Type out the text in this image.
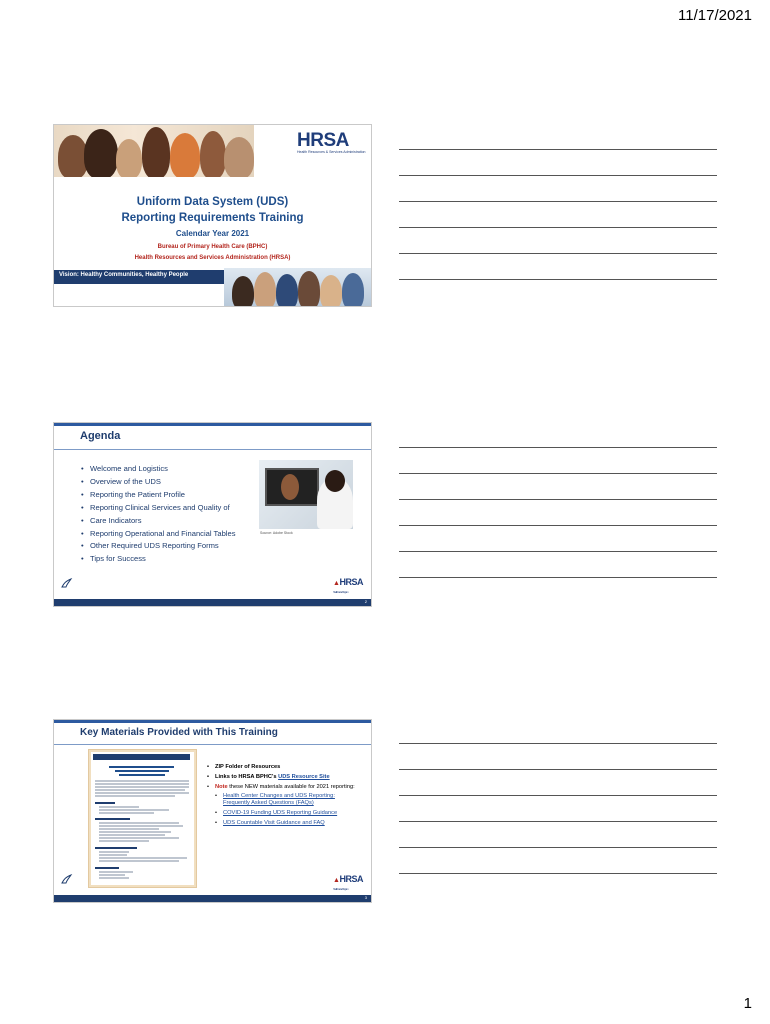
11/17/2021
HRSA
Health Resources & Services Administration
Uniform Data System (UDS)
Reporting Requirements Training
Calendar Year 2021
Bureau of Primary Health Care (BPHC)
Health Resources and Services Administration (HRSA)
Vision: Healthy Communities, Healthy People
Agenda
• Welcome and Logistics
• Overview of the UDS
• Reporting the Patient Profile
• Reporting Clinical Services and Quality of
• Care Indicators
• Reporting Operational and Financial Tables
• Other Required UDS Reporting Forms
• Tips for Success
Source: Adobe Stock
▲HRSA
Health Center Program
2
Key Materials Provided with This Training
• ZIP Folder of Resources
• Links to HRSA BPHC's UDS Resource Site
• Note these NEW materials available for 2021 reporting:
• Health Center Changes and UDS Reporting: Frequently Asked Questions (FAQs)
• COVID-19 Funding UDS Reporting Guidance
• UDS Countable Visit Guidance and FAQ
▲HRSA
Health Center Program
3
1
